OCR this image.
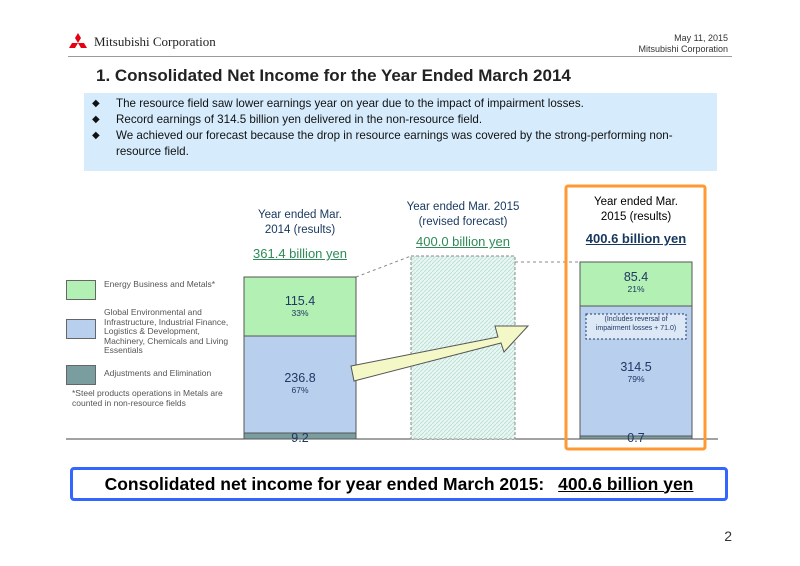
Mitsubishi Corporation	May 11, 2015
Mitsubishi Corporation
1. Consolidated Net Income for the Year Ended March 2014
◆	The resource field saw lower earnings year on year due to the impact of impairment losses.
◆	Record earnings of 314.5 billion yen delivered in the non-resource field.
◆	We achieved our forecast because the drop in resource earnings was covered by the strong-performing non-resource field.
Year ended Mar.
2014 (results)
361.4 billion yen
Year ended Mar. 2015
(revised forecast)
400.0 billion yen
Year ended Mar.
2015 (results)
400.6 billion yen
115.4
33%
236.8
67%
9.2
85.4
21%
(Includes reversal of impairment losses + 71.0)
314.5
79%
0.7
Energy Business and Metals*
Global Environmental and Infrastructure, Industrial Finance, Logistics & Development, Machinery, Chemicals and Living Essentials
Adjustments and Elimination
*Steel products operations in Metals are counted in non-resource fields
Consolidated net income for year ended March 2015: 400.6 billion yen
2
